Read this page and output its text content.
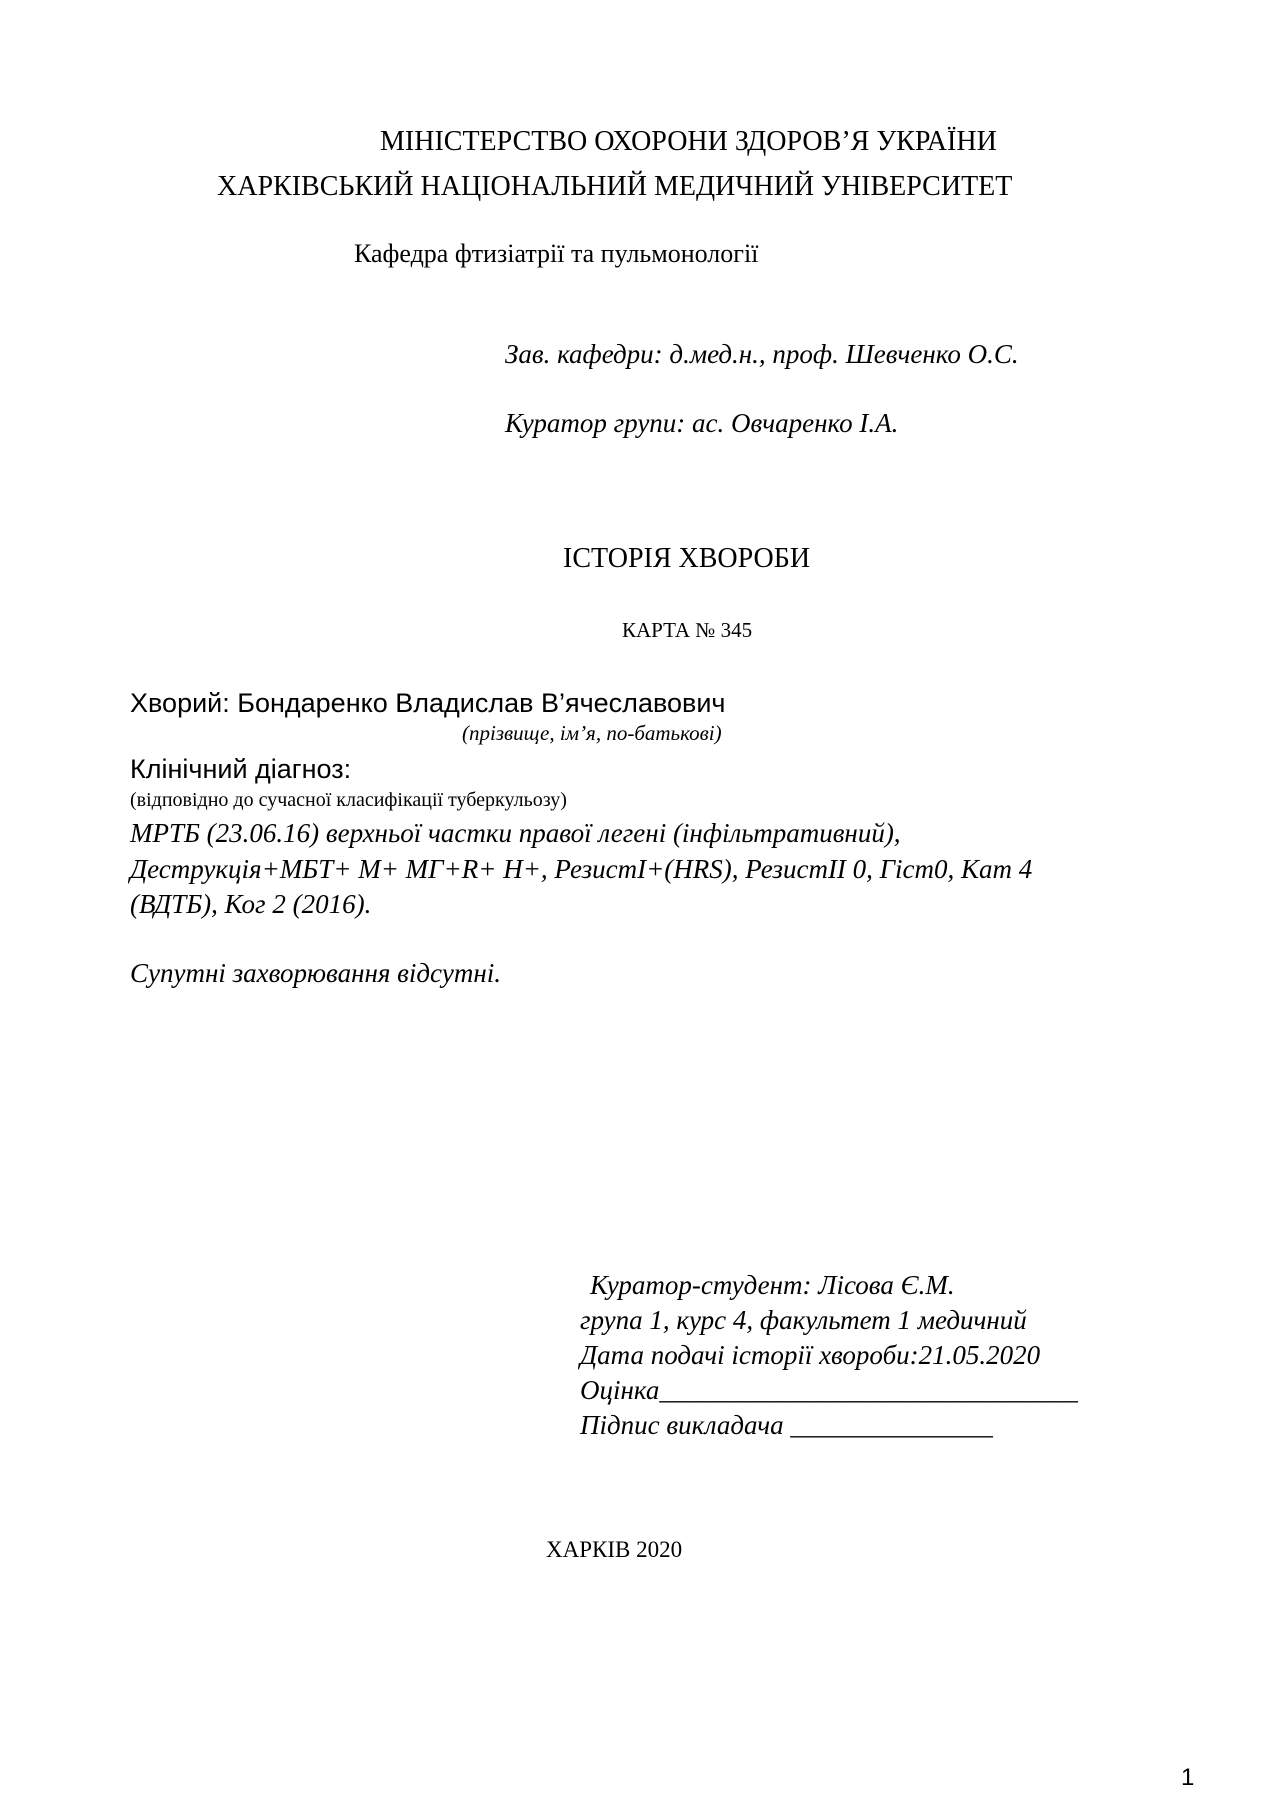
МІНІСТЕРСТВО ОХОРОНИ ЗДОРОВ’Я УКРАЇНИ
ХАРКІВСЬКИЙ НАЦІОНАЛЬНИЙ МЕДИЧНИЙ УНІВЕРСИТЕТ
Кафедра фтизіатрії та пульмонології
Зав. кафедри: д.мед.н., проф. Шевченко О.С.
Куратор групи: ас. Овчаренко І.А.
ІСТОРІЯ ХВОРОБИ
КАРТА № 345
Хворий: Бондаренко Владислав В’ячеславович
(прізвище, ім’я, по-батькові)
Клінічний діагноз:
(відповідно до сучасної класифікації туберкульозу)
МРТБ (23.06.16) верхньої частки правої легені (інфільтративний),
Деструкція+МБТ+ М+ МГ+R+ Н+, РезистІ+(HRS), РезистІІ 0, Гіст0, Кат 4
(ВДТБ), Ког 2 (2016).
Супутні захворювання відсутні.
Куратор-студент: Лісова Є.М.
група 1, курс 4, факультет 1 медичний
Дата подачі історії хвороби:21.05.2020
Оцінка_______________________________
Підпис викладача _______________
ХАРКІВ 2020
1
